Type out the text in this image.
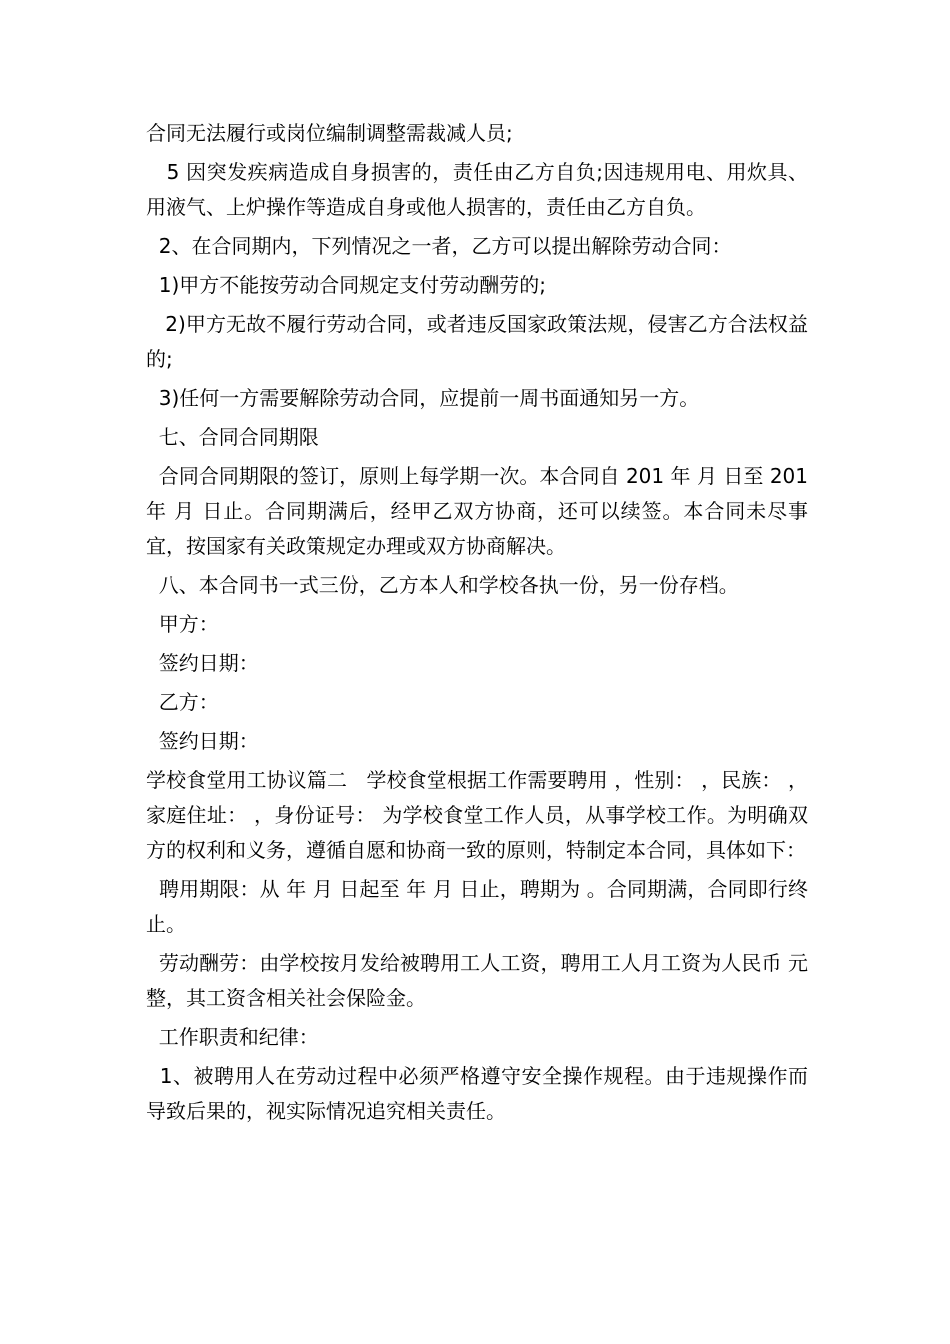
合同无法履行或岗位编制调整需裁减人员;

5 因突发疾病造成自身损害的，责任由乙方自负;因违规用电、用炊具、用液气、上炉操作等造成自身或他人损害的，责任由乙方自负。

2、在合同期内，下列情况之一者，乙方可以提出解除劳动合同：

1)甲方不能按劳动合同规定支付劳动酬劳的;

2)甲方无故不履行劳动合同，或者违反国家政策法规，侵害乙方合法权益的;

3)任何一方需要解除劳动合同，应提前一周书面通知另一方。

七、合同合同期限

合同合同期限的签订，原则上每学期一次。本合同自 201 年 月 日至 201 年 月 日止。合同期满后，经甲乙双方协商，还可以续签。本合同未尽事宜，按国家有关政策规定办理或双方协商解决。

八、本合同书一式三份，乙方本人和学校各执一份，另一份存档。

甲方：

签约日期：

乙方：

签约日期：

学校食堂用工协议篇二   学校食堂根据工作需要聘用 ，性别： ，民族： ，家庭住址： ，身份证号： 为学校食堂工作人员，从事学校工作。为明确双方的权利和义务，遵循自愿和协商一致的原则，特制定本合同，具体如下：

聘用期限：从 年 月 日起至 年 月 日止，聘期为 。合同期满，合同即行终止。

劳动酬劳：由学校按月发给被聘用工人工资，聘用工人月工资为人民币 元整，其工资含相关社会保险金。

工作职责和纪律：

1、被聘用人在劳动过程中必须严格遵守安全操作规程。由于违规操作而导致后果的，视实际情况追究相关责任。
